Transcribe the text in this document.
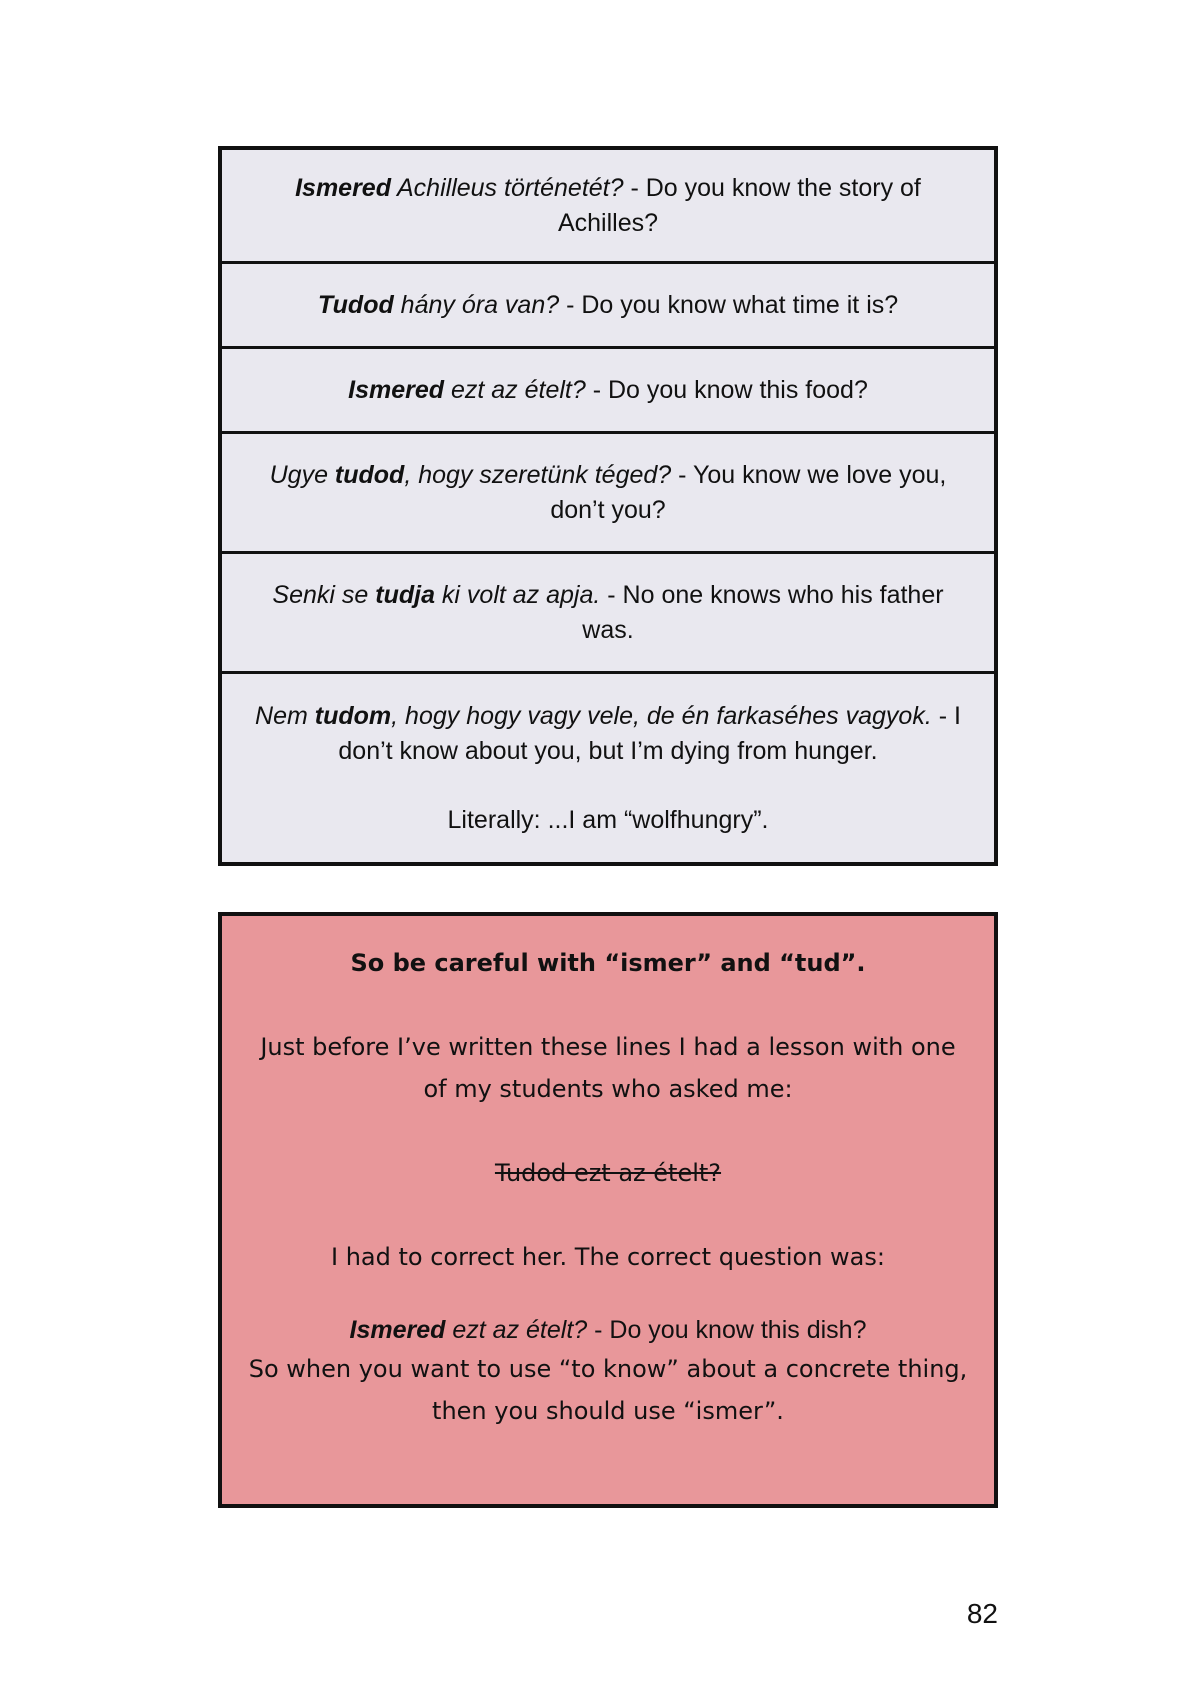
Ismered Achilleus történetét? - Do you know the story of Achilles?
Tudod hány óra van? - Do you know what time it is?
Ismered ezt az ételt? - Do you know this food?
Ugye tudod, hogy szeretünk téged? - You know we love you, don’t you?
Senki se tudja ki volt az apja. - No one knows who his father was.
Nem tudom, hogy hogy vagy vele, de én farkaséhes vagyok. - I don’t know about you, but I’m dying from hunger.
Literally: ...I am “wolfhungry”.

So be careful with “ismer” and “tud”.

Just before I’ve written these lines I had a lesson with one of my students who asked me:

Tudod ezt az ételt?

I had to correct her. The correct question was:

Ismered ezt az ételt? - Do you know this dish?

So when you want to use “to know” about a concrete thing, then you should use “ismer”.

82
